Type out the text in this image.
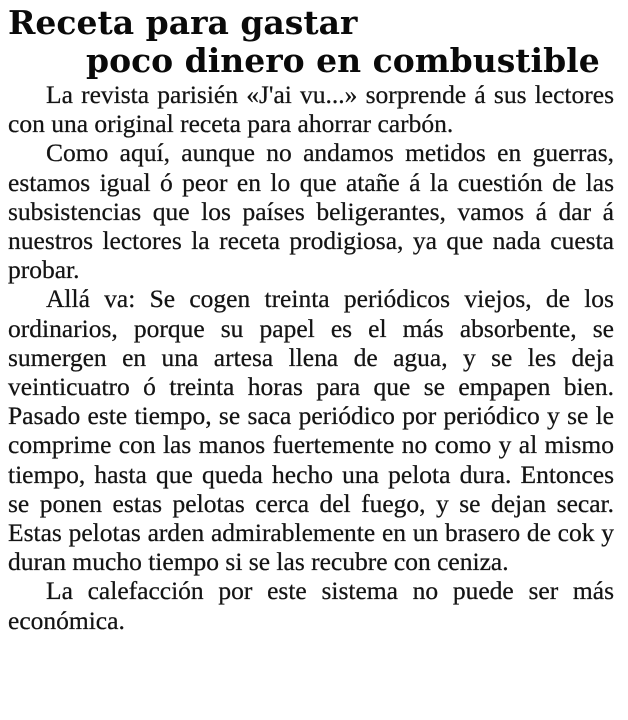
Receta para gastar
poco dinero en combustible

La revista parisién «J'ai vu...» sorprende á sus lectores con una original receta para ahorrar carbón.

Como aquí, aunque no andamos metidos en guerras, estamos igual ó peor en lo que atañe á la cuestión de las subsistencias que los países beligerantes, vamos á dar á nuestros lectores la receta prodigiosa, ya que nada cuesta probar.

Allá va: Se cogen treinta periódicos viejos, de los ordinarios, porque su papel es el más absorbente, se sumergen en una artesa llena de agua, y se les deja veinticuatro ó treinta horas para que se empapen bien. Pasado este tiempo, se saca periódico por periódico y se le comprime con las manos fuertemente no como y al mismo tiempo, hasta que queda hecho una pelota dura. Entonces se ponen estas pelotas cerca del fuego, y se dejan secar. Estas pelotas arden admirablemente en un brasero de cok y duran mucho tiempo si se las recubre con ceniza.

La calefacción por este sistema no puede ser más económica.
